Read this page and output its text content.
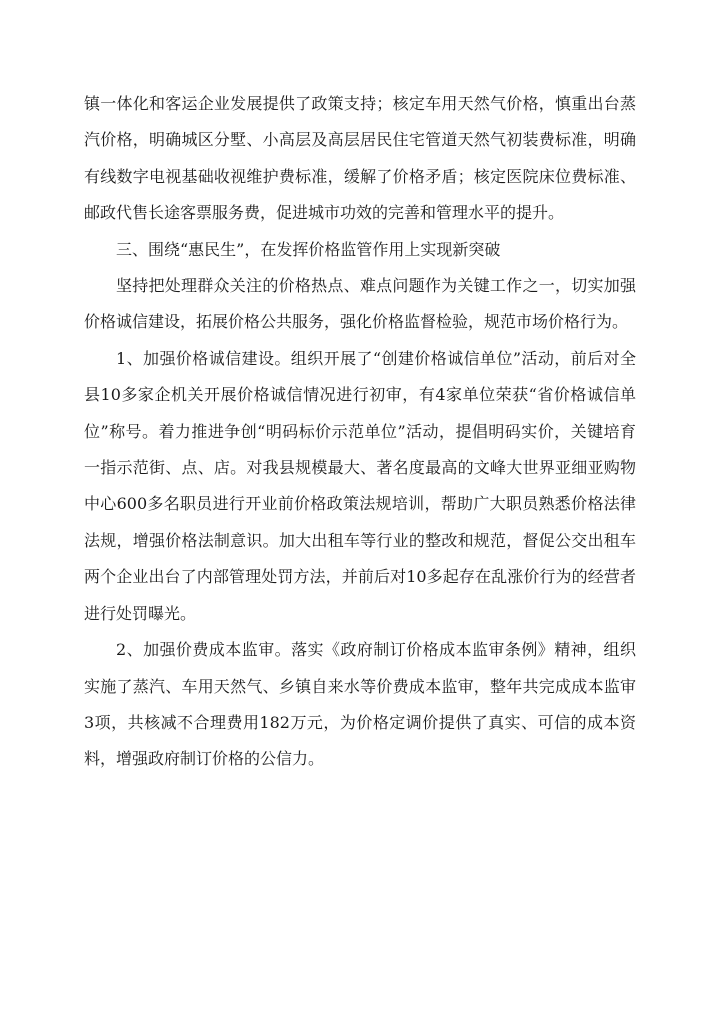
镇一体化和客运企业发展提供了政策支持；核定车用天然气价格，慎重出台蒸汽价格，明确城区分墅、小高层及高层居民住宅管道天然气初装费标准，明确有线数字电视基础收视维护费标准，缓解了价格矛盾；核定医院床位费标准、邮政代售长途客票服务费，促进城市功效的完善和管理水平的提升。

三、围绕“惠民生”，在发挥价格监管作用上实现新突破

坚持把处理群众关注的价格热点、难点问题作为关键工作之一，切实加强价格诚信建设，拓展价格公共服务，强化价格监督检验，规范市场价格行为。

1、加强价格诚信建设。组织开展了“创建价格诚信单位”活动，前后对全县10多家企机关开展价格诚信情况进行初审，有4家单位荣获“省价格诚信单位”称号。着力推进争创“明码标价示范单位”活动，提倡明码实价，关键培育一指示范街、点、店。对我县规模最大、著名度最高的文峰大世界亚细亚购物中心600多名职员进行开业前价格政策法规培训，帮助广大职员熟悉价格法律法规，增强价格法制意识。加大出租车等行业的整改和规范，督促公交出租车两个企业出台了内部管理处罚方法，并前后对10多起存在乱涨价行为的经营者进行处罚曝光。

2、加强价费成本监审。落实《政府制订价格成本监审条例》精神，组织实施了蒸汽、车用天然气、乡镇自来水等价费成本监审，整年共完成成本监审3项，共核减不合理费用182万元，为价格定调价提供了真实、可信的成本资料，增强政府制订价格的公信力。
